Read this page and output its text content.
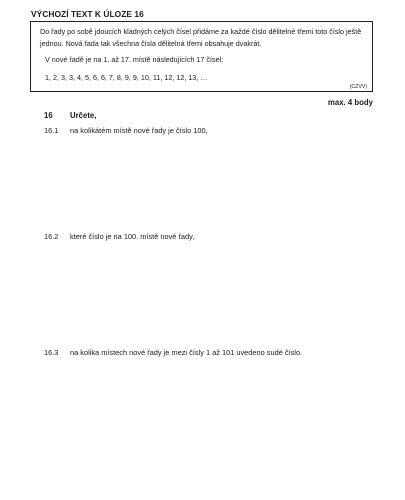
VÝCHOZÍ TEXT K ÚLOZE 16
Do řady po sobě jdoucích kladných celých čísel přidáme za každé číslo dělitelné třemi toto číslo ještě jednou. Nová řada tak všechna čísla dělitelná třemi obsahuje dvakrát.
V nové řadě je na 1. až 17. místě následujících 17 čísel:
1, 2, 3, 3, 4, 5, 6, 6, 7, 8, 9, 9, 10, 11, 12, 12, 13, …
(CZVV)
max. 4 body
16 Určete,
16.1 na kolikátém místě nové řady je číslo 100,
16.2 které číslo je na 100. místě nové řady,
16.3 na kolika místech nové řady je mezi čísly 1 až 101 uvedeno sudé číslo.
